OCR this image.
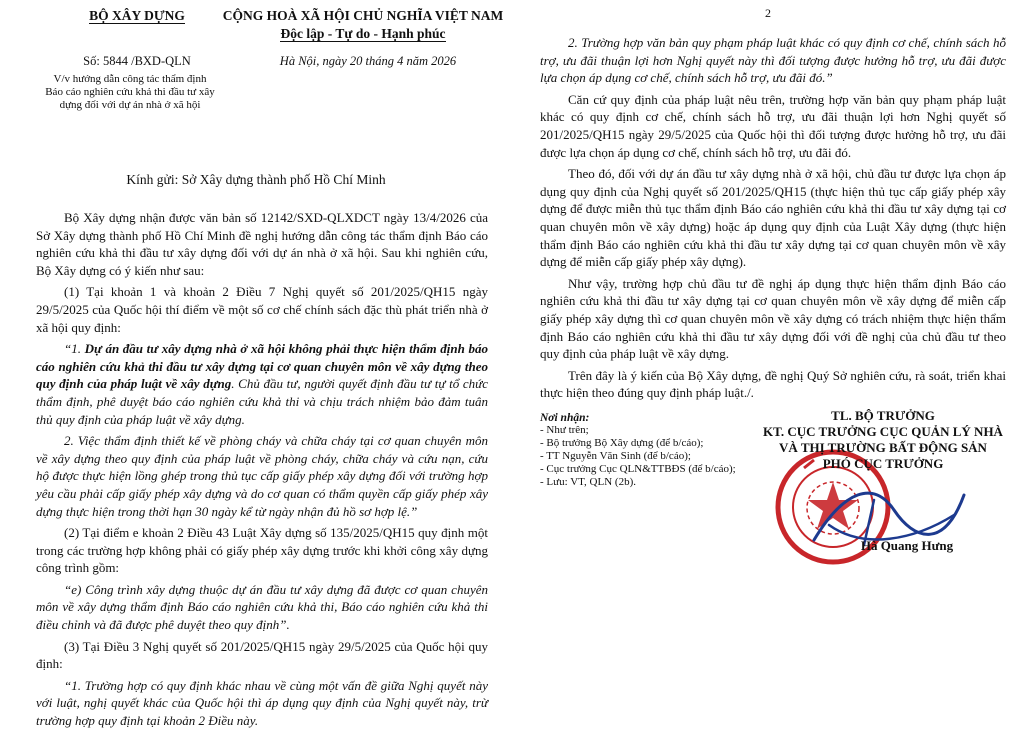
BỘ XÂY DỰNG	CỘNG HOÀ XÃ HỘI CHỦ NGHĨA VIỆT NAM
Độc lập - Tự do - Hạnh phúc
Số: 5844 /BXD-QLN	Hà Nội, ngày 20 tháng 4 năm 2026
V/v hướng dẫn công tác thẩm định Báo cáo nghiên cứu khả thi đầu tư xây dựng đối với dự án nhà ở xã hội
Kính gửi: Sở Xây dựng thành phố Hồ Chí Minh

Bộ Xây dựng nhận được văn bản số 12142/SXD-QLXDCT ngày 13/4/2026 của Sở Xây dựng thành phố Hồ Chí Minh đề nghị hướng dẫn công tác thẩm định Báo cáo nghiên cứu khả thi đầu tư xây dựng đối với dự án nhà ở xã hội. Sau khi nghiên cứu, Bộ Xây dựng có ý kiến như sau:

(1) Tại khoản 1 và khoản 2 Điều 7 Nghị quyết số 201/2025/QH15 ngày 29/5/2025 của Quốc hội thí điểm về một số cơ chế chính sách đặc thù phát triển nhà ở xã hội quy định:

“1. Dự án đầu tư xây dựng nhà ở xã hội không phải thực hiện thẩm định báo cáo nghiên cứu khả thi đầu tư xây dựng tại cơ quan chuyên môn về xây dựng theo quy định của pháp luật về xây dựng. Chủ đầu tư, người quyết định đầu tư tự tổ chức thẩm định, phê duyệt báo cáo nghiên cứu khả thi và chịu trách nhiệm bảo đảm tuân thủ quy định của pháp luật về xây dựng.

2. Việc thẩm định thiết kế về phòng cháy và chữa cháy tại cơ quan chuyên môn về xây dựng theo quy định của pháp luật về phòng cháy, chữa cháy và cứu nạn, cứu hộ được thực hiện lồng ghép trong thủ tục cấp giấy phép xây dựng đối với trường hợp yêu cầu phải cấp giấy phép xây dựng và do cơ quan có thẩm quyền cấp giấy phép xây dựng thực hiện trong thời hạn 30 ngày kể từ ngày nhận đủ hồ sơ hợp lệ.”

(2) Tại điểm e khoản 2 Điều 43 Luật Xây dựng số 135/2025/QH15 quy định một trong các trường hợp không phải có giấy phép xây dựng trước khi khởi công xây dựng công trình gồm:

“e) Công trình xây dựng thuộc dự án đầu tư xây dựng đã được cơ quan chuyên môn về xây dựng thẩm định Báo cáo nghiên cứu khả thi, Báo cáo nghiên cứu khả thi điều chỉnh và đã được phê duyệt theo quy định”.

(3) Tại Điều 3 Nghị quyết số 201/2025/QH15 ngày 29/5/2025 của Quốc hội quy định:

“1. Trường hợp có quy định khác nhau về cùng một vấn đề giữa Nghị quyết này với luật, nghị quyết khác của Quốc hội thì áp dụng quy định của Nghị quyết này, trừ trường hợp quy định tại khoản 2 Điều này.

2

2. Trường hợp văn bản quy phạm pháp luật khác có quy định cơ chế, chính sách hỗ trợ, ưu đãi thuận lợi hơn Nghị quyết này thì đối tượng được hưởng hỗ trợ, ưu đãi được lựa chọn áp dụng cơ chế, chính sách hỗ trợ, ưu đãi đó.”

Căn cứ quy định của pháp luật nêu trên, trường hợp văn bản quy phạm pháp luật khác có quy định cơ chế, chính sách hỗ trợ, ưu đãi thuận lợi hơn Nghị quyết số 201/2025/QH15 ngày 29/5/2025 của Quốc hội thì đối tượng được hưởng hỗ trợ, ưu đãi được lựa chọn áp dụng cơ chế, chính sách hỗ trợ, ưu đãi đó.

Theo đó, đối với dự án đầu tư xây dựng nhà ở xã hội, chủ đầu tư được lựa chọn áp dụng quy định của Nghị quyết số 201/2025/QH15 (thực hiện thủ tục cấp giấy phép xây dựng để được miễn thủ tục thẩm định Báo cáo nghiên cứu khả thi đầu tư xây dựng tại cơ quan chuyên môn về xây dựng) hoặc áp dụng quy định của Luật Xây dựng (thực hiện thẩm định Báo cáo nghiên cứu khả thi đầu tư xây dựng tại cơ quan chuyên môn về xây dựng để miễn cấp giấy phép xây dựng).

Như vậy, trường hợp chủ đầu tư đề nghị áp dụng thực hiện thẩm định Báo cáo nghiên cứu khả thi đầu tư xây dựng tại cơ quan chuyên môn về xây dựng để miễn cấp giấy phép xây dựng thì cơ quan chuyên môn về xây dựng có trách nhiệm thực hiện thẩm định Báo cáo nghiên cứu khả thi đầu tư xây dựng đối với đề nghị của chủ đầu tư theo quy định của pháp luật về xây dựng.

Trên đây là ý kiến của Bộ Xây dựng, đề nghị Quý Sở nghiên cứu, rà soát, triển khai thực hiện theo đúng quy định pháp luật./.

Nơi nhận:
- Như trên;
- Bộ trưởng Bộ Xây dựng (để b/cáo);
- TT Nguyễn Văn Sinh (để b/cáo);
- Cục trưởng Cục QLN&TTBĐS (để b/cáo);
- Lưu: VT, QLN (2b).
TL. BỘ TRƯỞNG
KT. CỤC TRƯỞNG CỤC QUẢN LÝ NHÀ
VÀ THỊ TRƯỜNG BẤT ĐỘNG SẢN
PHÓ CỤC TRƯỞNG
Hà Quang Hưng
